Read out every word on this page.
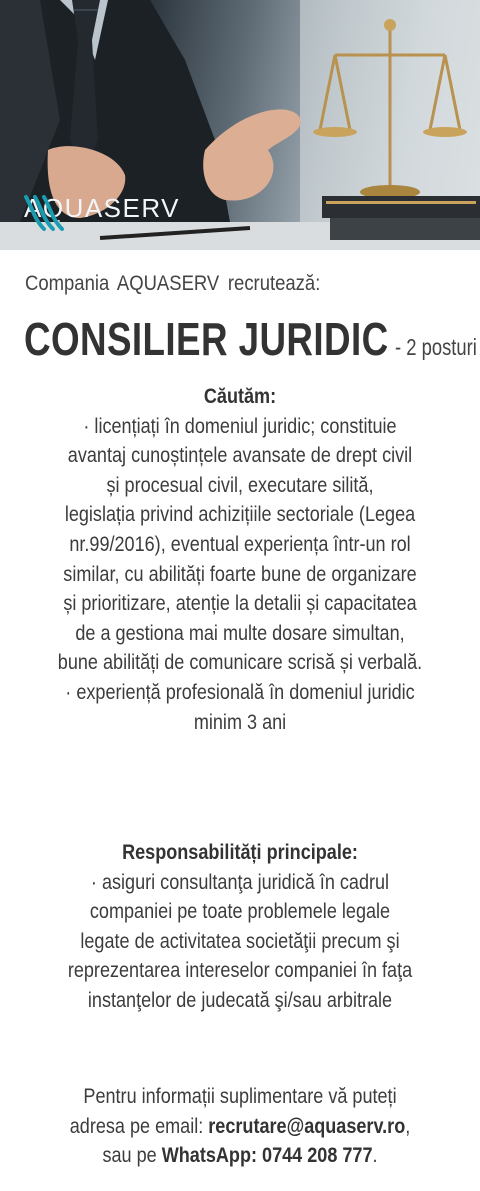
AQUASERV
Compania AQUASERV recrutează:
CONSILIER JURIDIC - 2 posturi
Căutăm:
· licențiați în domeniul juridic; constituie
avantaj cunoștințele avansate de drept civil
și procesual civil, executare silită,
legislația privind achizițiile sectoriale (Legea
nr.99/2016), eventual experiența într-un rol
similar, cu abilități foarte bune de organizare
și prioritizare, atenție la detalii și capacitatea
de a gestiona mai multe dosare simultan,
bune abilități de comunicare scrisă și verbală.
· experiență profesională în domeniul juridic
minim 3 ani
Responsabilități principale:
· asiguri consultanţa juridică în cadrul
companiei pe toate problemele legale
legate de activitatea societăţii precum şi
reprezentarea intereselor companiei în faţa
instanţelor de judecată şi/sau arbitrale
Pentru informații suplimentare vă puteți
adresa pe email: recrutare@aquaserv.ro,
sau pe WhatsApp: 0744 208 777.
